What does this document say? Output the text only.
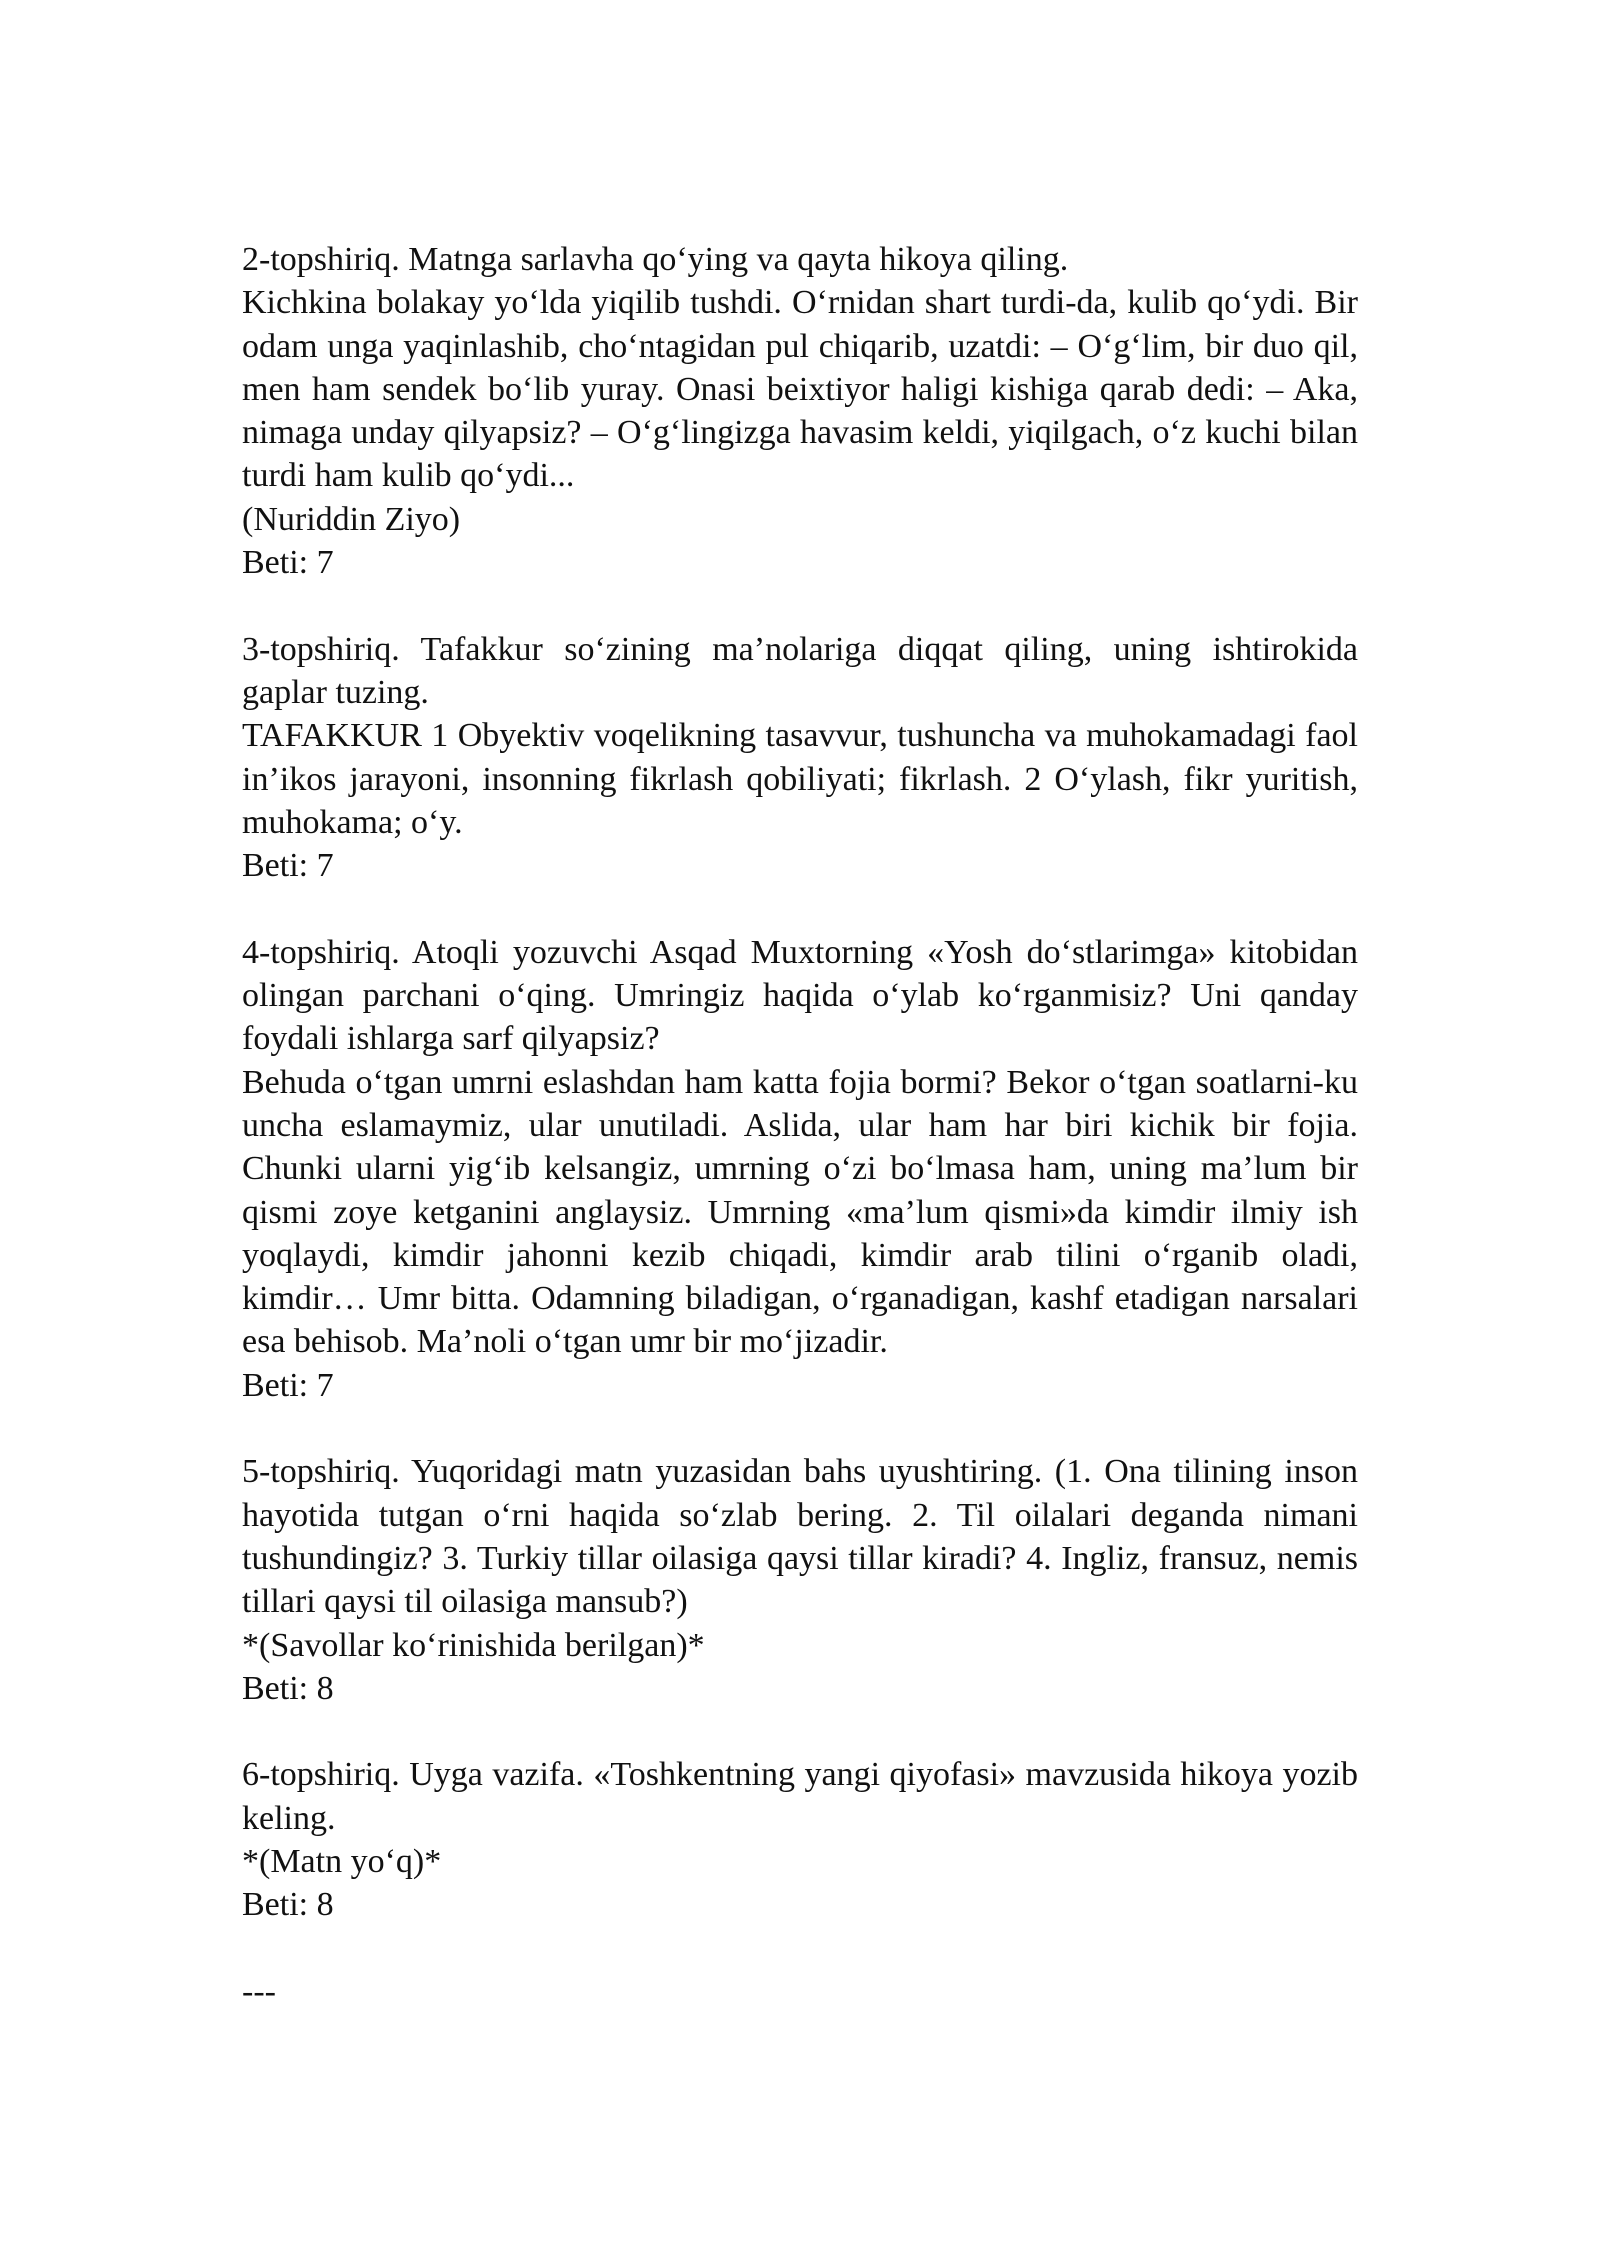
2-topshiriq. Matnga sarlavha qo‘ying va qayta hikoya qiling.

Kichkina bolakay yo‘lda yiqilib tushdi. O‘rnidan shart turdi-da, kulib qo‘ydi. Bir odam unga yaqinlashib, cho‘ntagidan pul chiqarib, uzatdi: – O‘g‘lim, bir duo qil, men ham sendek bo‘lib yuray. Onasi beixtiyor haligi kishiga qarab dedi: – Aka, nimaga unday qilyapsiz? – O‘g‘lingizga havasim keldi, yiqilgach, o‘z kuchi bilan turdi ham kulib qo‘ydi...

(Nuriddin Ziyo)

Beti: 7

3-topshiriq. Tafakkur so‘zining ma’nolariga diqqat qiling, uning ishtirokida gaplar tuzing.

TAFAKKUR 1 Obyektiv voqelikning tasavvur, tushuncha va muhokamadagi faol in’ikos jarayoni, insonning fikrlash qobiliyati; fikrlash. 2 O‘ylash, fikr yuritish, muhokama; o‘y.

Beti: 7

4-topshiriq. Atoqli yozuvchi Asqad Muxtorning «Yosh do‘stlarimga» kitobidan olingan parchani o‘qing. Umringiz haqida o‘ylab ko‘rganmisiz? Uni qanday foydali ishlarga sarf qilyapsiz?

Behuda o‘tgan umrni eslashdan ham katta fojia bormi? Bekor o‘tgan soatlarni-ku uncha eslamaymiz, ular unutiladi. Aslida, ular ham har biri kichik bir fojia. Chunki ularni yig‘ib kelsangiz, umrning o‘zi bo‘lmasa ham, uning ma’lum bir qismi zoye ketganini anglaysiz. Umrning «ma’lum qismi»da kimdir ilmiy ish yoqlaydi, kimdir jahonni kezib chiqadi, kimdir arab tilini o‘rganib oladi, kimdir… Umr bitta. Odamning biladigan, o‘rganadigan, kashf etadigan narsalari esa behisob. Ma’noli o‘tgan umr bir mo‘jizadir.

Beti: 7

5-topshiriq. Yuqoridagi matn yuzasidan bahs uyushtiring. (1. Ona tilining inson hayotida tutgan o‘rni haqida so‘zlab bering. 2. Til oilalari deganda nimani tushundingiz? 3. Turkiy tillar oilasiga qaysi tillar kiradi? 4. Ingliz, fransuz, nemis tillari qaysi til oilasiga mansub?)

*(Savollar ko‘rinishida berilgan)*

Beti: 8

6-topshiriq. Uyga vazifa. «Toshkentning yangi qiyofasi» mavzusida hikoya yozib keling.

*(Matn yo‘q)*

Beti: 8

---
